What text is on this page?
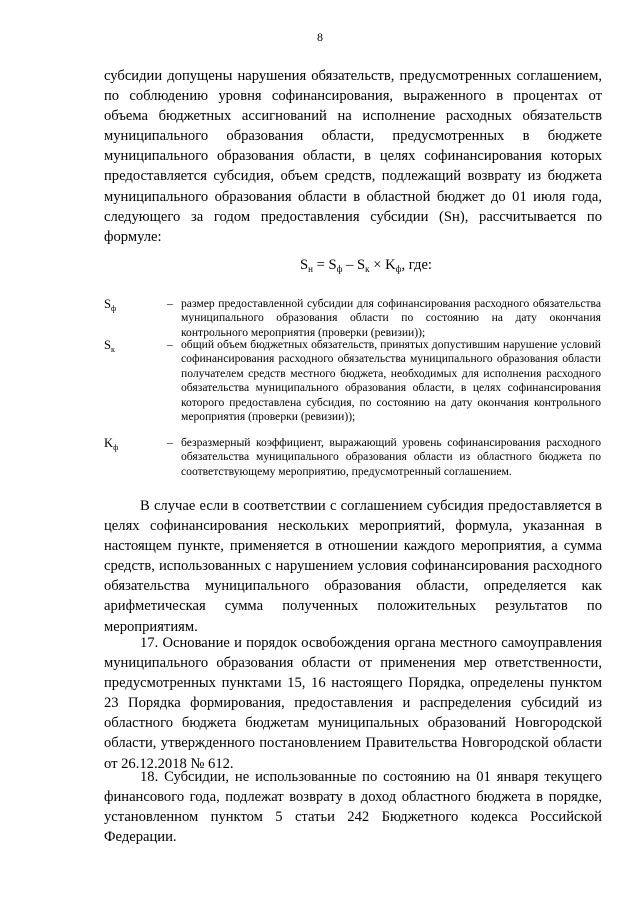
8
субсидии допущены нарушения обязательств, предусмотренных соглашением, по соблюдению уровня софинансирования, выраженного в процентах от объема бюджетных ассигнований на исполнение расходных обязательств муниципального образования области, предусмотренных в бюджете муниципального образования области, в целях софинансирования которых предоставляется субсидия, объем средств, подлежащий возврату из бюджета муниципального образования области в областной бюджет до 01 июля года, следующего за годом предоставления субсидии (Sн), рассчитывается по формуле:
$S_н = S_ф - S_к \times K_ф$, где:
$S_ф$	– размер предоставленной субсидии для софинансирования расходного обязательства муниципального образования области по состоянию на дату окончания контрольного мероприятия (проверки (ревизии));
$S_к$	– общий объем бюджетных обязательств, принятых допустившим нарушение условий софинансирования расходного обязательства муниципального образования области получателем средств местного бюджета, необходимых для исполнения расходного обязательства муниципального образования области, в целях софинансирования которого предоставлена субсидия, по состоянию на дату окончания контрольного мероприятия (проверки (ревизии));
$K_ф$	– безразмерный коэффициент, выражающий уровень софинансирования расходного обязательства муниципального образования области из областного бюджета по соответствующему мероприятию, предусмотренный соглашением.
В случае если в соответствии с соглашением субсидия предоставляется в целях софинансирования нескольких мероприятий, формула, указанная в настоящем пункте, применяется в отношении каждого мероприятия, а сумма средств, использованных с нарушением условия софинансирования расходного обязательства муниципального образования области, определяется как арифметическая сумма полученных положительных результатов по мероприятиям.
17. Основание и порядок освобождения органа местного самоуправления муниципального образования области от применения мер ответственности, предусмотренных пунктами 15, 16 настоящего Порядка, определены пунктом 23 Порядка формирования, предоставления и распределения субсидий из областного бюджета бюджетам муниципальных образований Новгородской области, утвержденного постановлением Правительства Новгородской области от 26.12.2018 № 612.
18. Субсидии, не использованные по состоянию на 01 января текущего финансового года, подлежат возврату в доход областного бюджета в порядке, установленном пунктом 5 статьи 242 Бюджетного кодекса Российской Федерации.
